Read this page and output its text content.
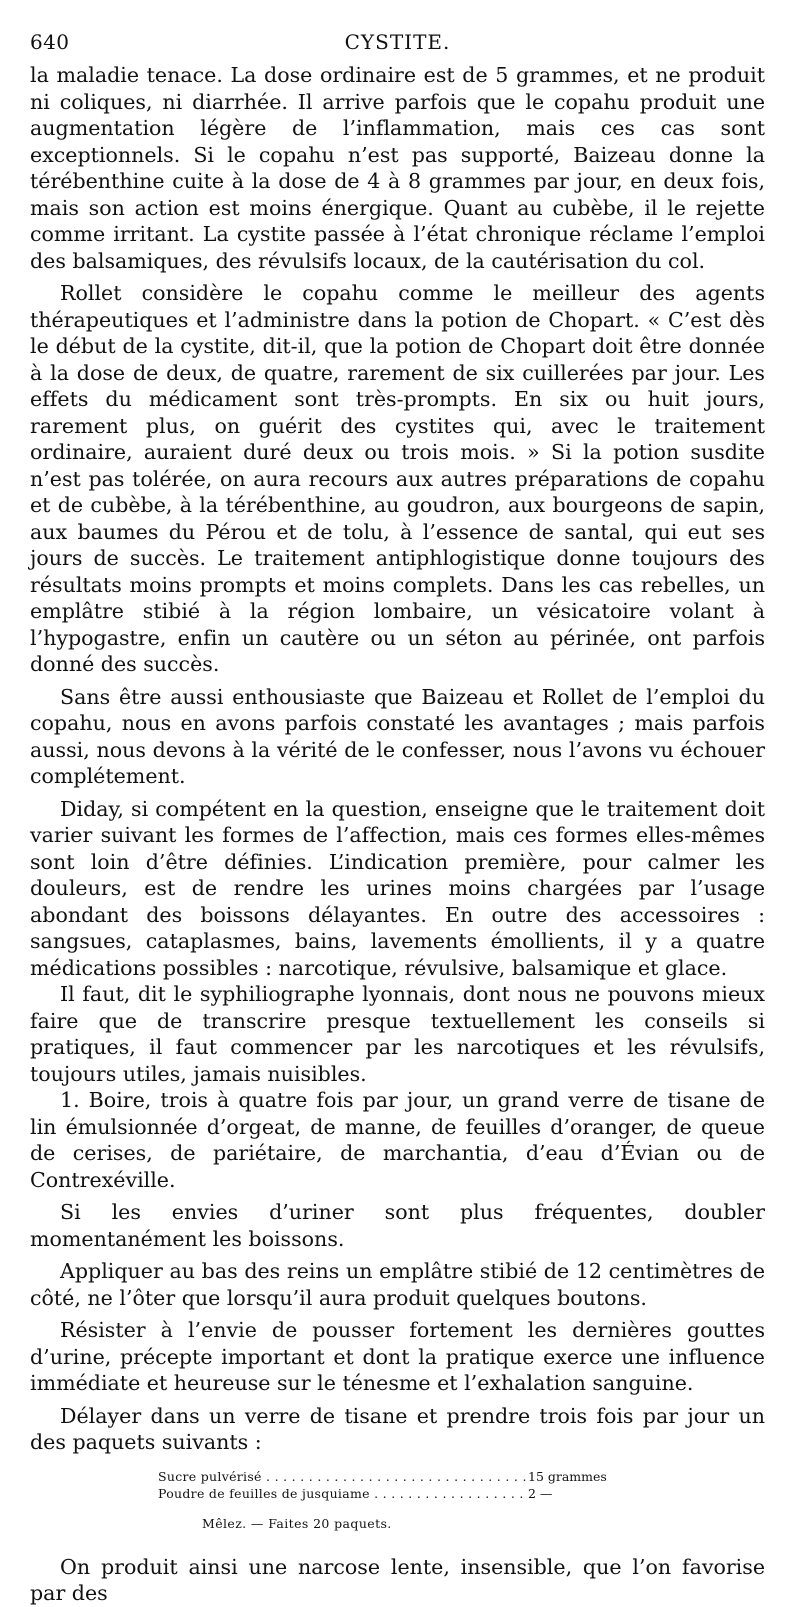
640	CYSTITE.

la maladie tenace. La dose ordinaire est de 5 grammes, et ne produit ni coliques, ni diarrhée. Il arrive parfois que le copahu produit une augmentation légère de l’inflammation, mais ces cas sont exceptionnels. Si le copahu n’est pas supporté, Baizeau donne la térébenthine cuite à la dose de 4 à 8 grammes par jour, en deux fois, mais son action est moins énergique. Quant au cubèbe, il le rejette comme irritant. La cystite passée à l’état chronique réclame l’emploi des balsamiques, des révulsifs locaux, de la cautérisation du col.

Rollet considère le copahu comme le meilleur des agents thérapeutiques et l’administre dans la potion de Chopart. « C’est dès le début de la cystite, dit-il, que la potion de Chopart doit être donnée à la dose de deux, de quatre, rarement de six cuillerées par jour. Les effets du médicament sont très-prompts. En six ou huit jours, rarement plus, on guérit des cystites qui, avec le traitement ordinaire, auraient duré deux ou trois mois. » Si la potion susdite n’est pas tolérée, on aura recours aux autres préparations de copahu et de cubèbe, à la térébenthine, au goudron, aux bourgeons de sapin, aux baumes du Pérou et de tolu, à l’essence de santal, qui eut ses jours de succès. Le traitement antiphlogistique donne toujours des résultats moins prompts et moins complets. Dans les cas rebelles, un emplâtre stibié à la région lombaire, un vésicatoire volant à l’hypogastre, enfin un cautère ou un séton au périnée, ont parfois donné des succès.

Sans être aussi enthousiaste que Baizeau et Rollet de l’emploi du copahu, nous en avons parfois constaté les avantages ; mais parfois aussi, nous devons à la vérité de le confesser, nous l’avons vu échouer complétement.

Diday, si compétent en la question, enseigne que le traitement doit varier suivant les formes de l’affection, mais ces formes elles-mêmes sont loin d’être définies. L’indication première, pour calmer les douleurs, est de rendre les urines moins chargées par l’usage abondant des boissons délayantes. En outre des accessoires : sangsues, cataplasmes, bains, lavements émollients, il y a quatre médications possibles : narcotique, révulsive, balsamique et glace.

Il faut, dit le syphiliographe lyonnais, dont nous ne pouvons mieux faire que de transcrire presque textuellement les conseils si pratiques, il faut commencer par les narcotiques et les révulsifs, toujours utiles, jamais nuisibles.

1. Boire, trois à quatre fois par jour, un grand verre de tisane de lin émulsionnée d’orgeat, de manne, de feuilles d’oranger, de queue de cerises, de pariétaire, de marchantia, d’eau d’Évian ou de Contrexéville.

Si les envies d’uriner sont plus fréquentes, doubler momentanément les boissons.

Appliquer au bas des reins un emplâtre stibié de 12 centimètres de côté, ne l’ôter que lorsqu’il aura produit quelques boutons.

Résister à l’envie de pousser fortement les dernières gouttes d’urine, précepte important et dont la pratique exerce une influence immédiate et heureuse sur le ténesme et l’exhalation sanguine.

Délayer dans un verre de tisane et prendre trois fois par jour un des paquets suivants :

Sucre pulvérisé . . .	15 grammes
Poudre de feuilles de jusquiame . . .	2 —
Mêlez. — Faites 20 paquets.

On produit ainsi une narcose lente, insensible, que l’on favorise par des
